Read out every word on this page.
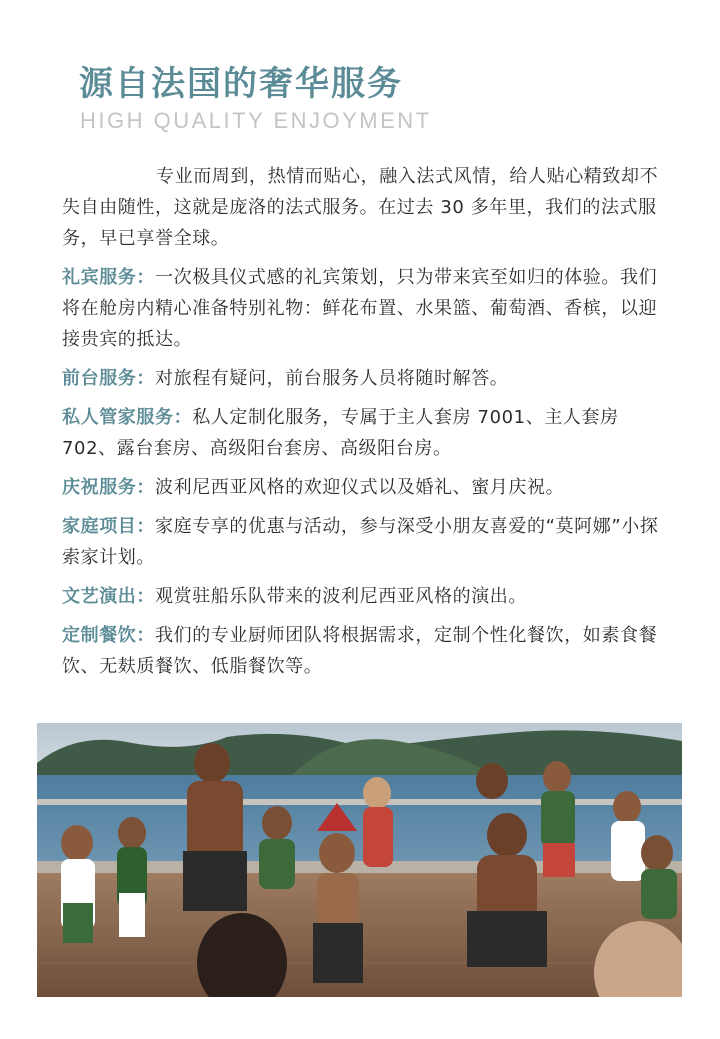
源自法国的奢华服务
HIGH QUALITY ENJOYMENT

专业而周到，热情而贴心，融入法式风情，给人贴心精致却不失自由随性，这就是庞洛的法式服务。在过去 30 多年里，我们的法式服务，早已享誉全球。

礼宾服务：一次极具仪式感的礼宾策划，只为带来宾至如归的体验。我们将在舱房内精心准备特别礼物：鲜花布置、水果篮、葡萄酒、香槟，以迎接贵宾的抵达。

前台服务：对旅程有疑问，前台服务人员将随时解答。

私人管家服务：私人定制化服务，专属于主人套房 7001、主人套房 702、露台套房、高级阳台套房、高级阳台房。

庆祝服务：波利尼西亚风格的欢迎仪式以及婚礼、蜜月庆祝。

家庭项目：家庭专享的优惠与活动，参与深受小朋友喜爱的“莫阿娜”小探索家计划。

文艺演出：观赏驻船乐队带来的波利尼西亚风格的演出。

定制餐饮：我们的专业厨师团队将根据需求，定制个性化餐饮，如素食餐饮、无麸质餐饮、低脂餐饮等。
